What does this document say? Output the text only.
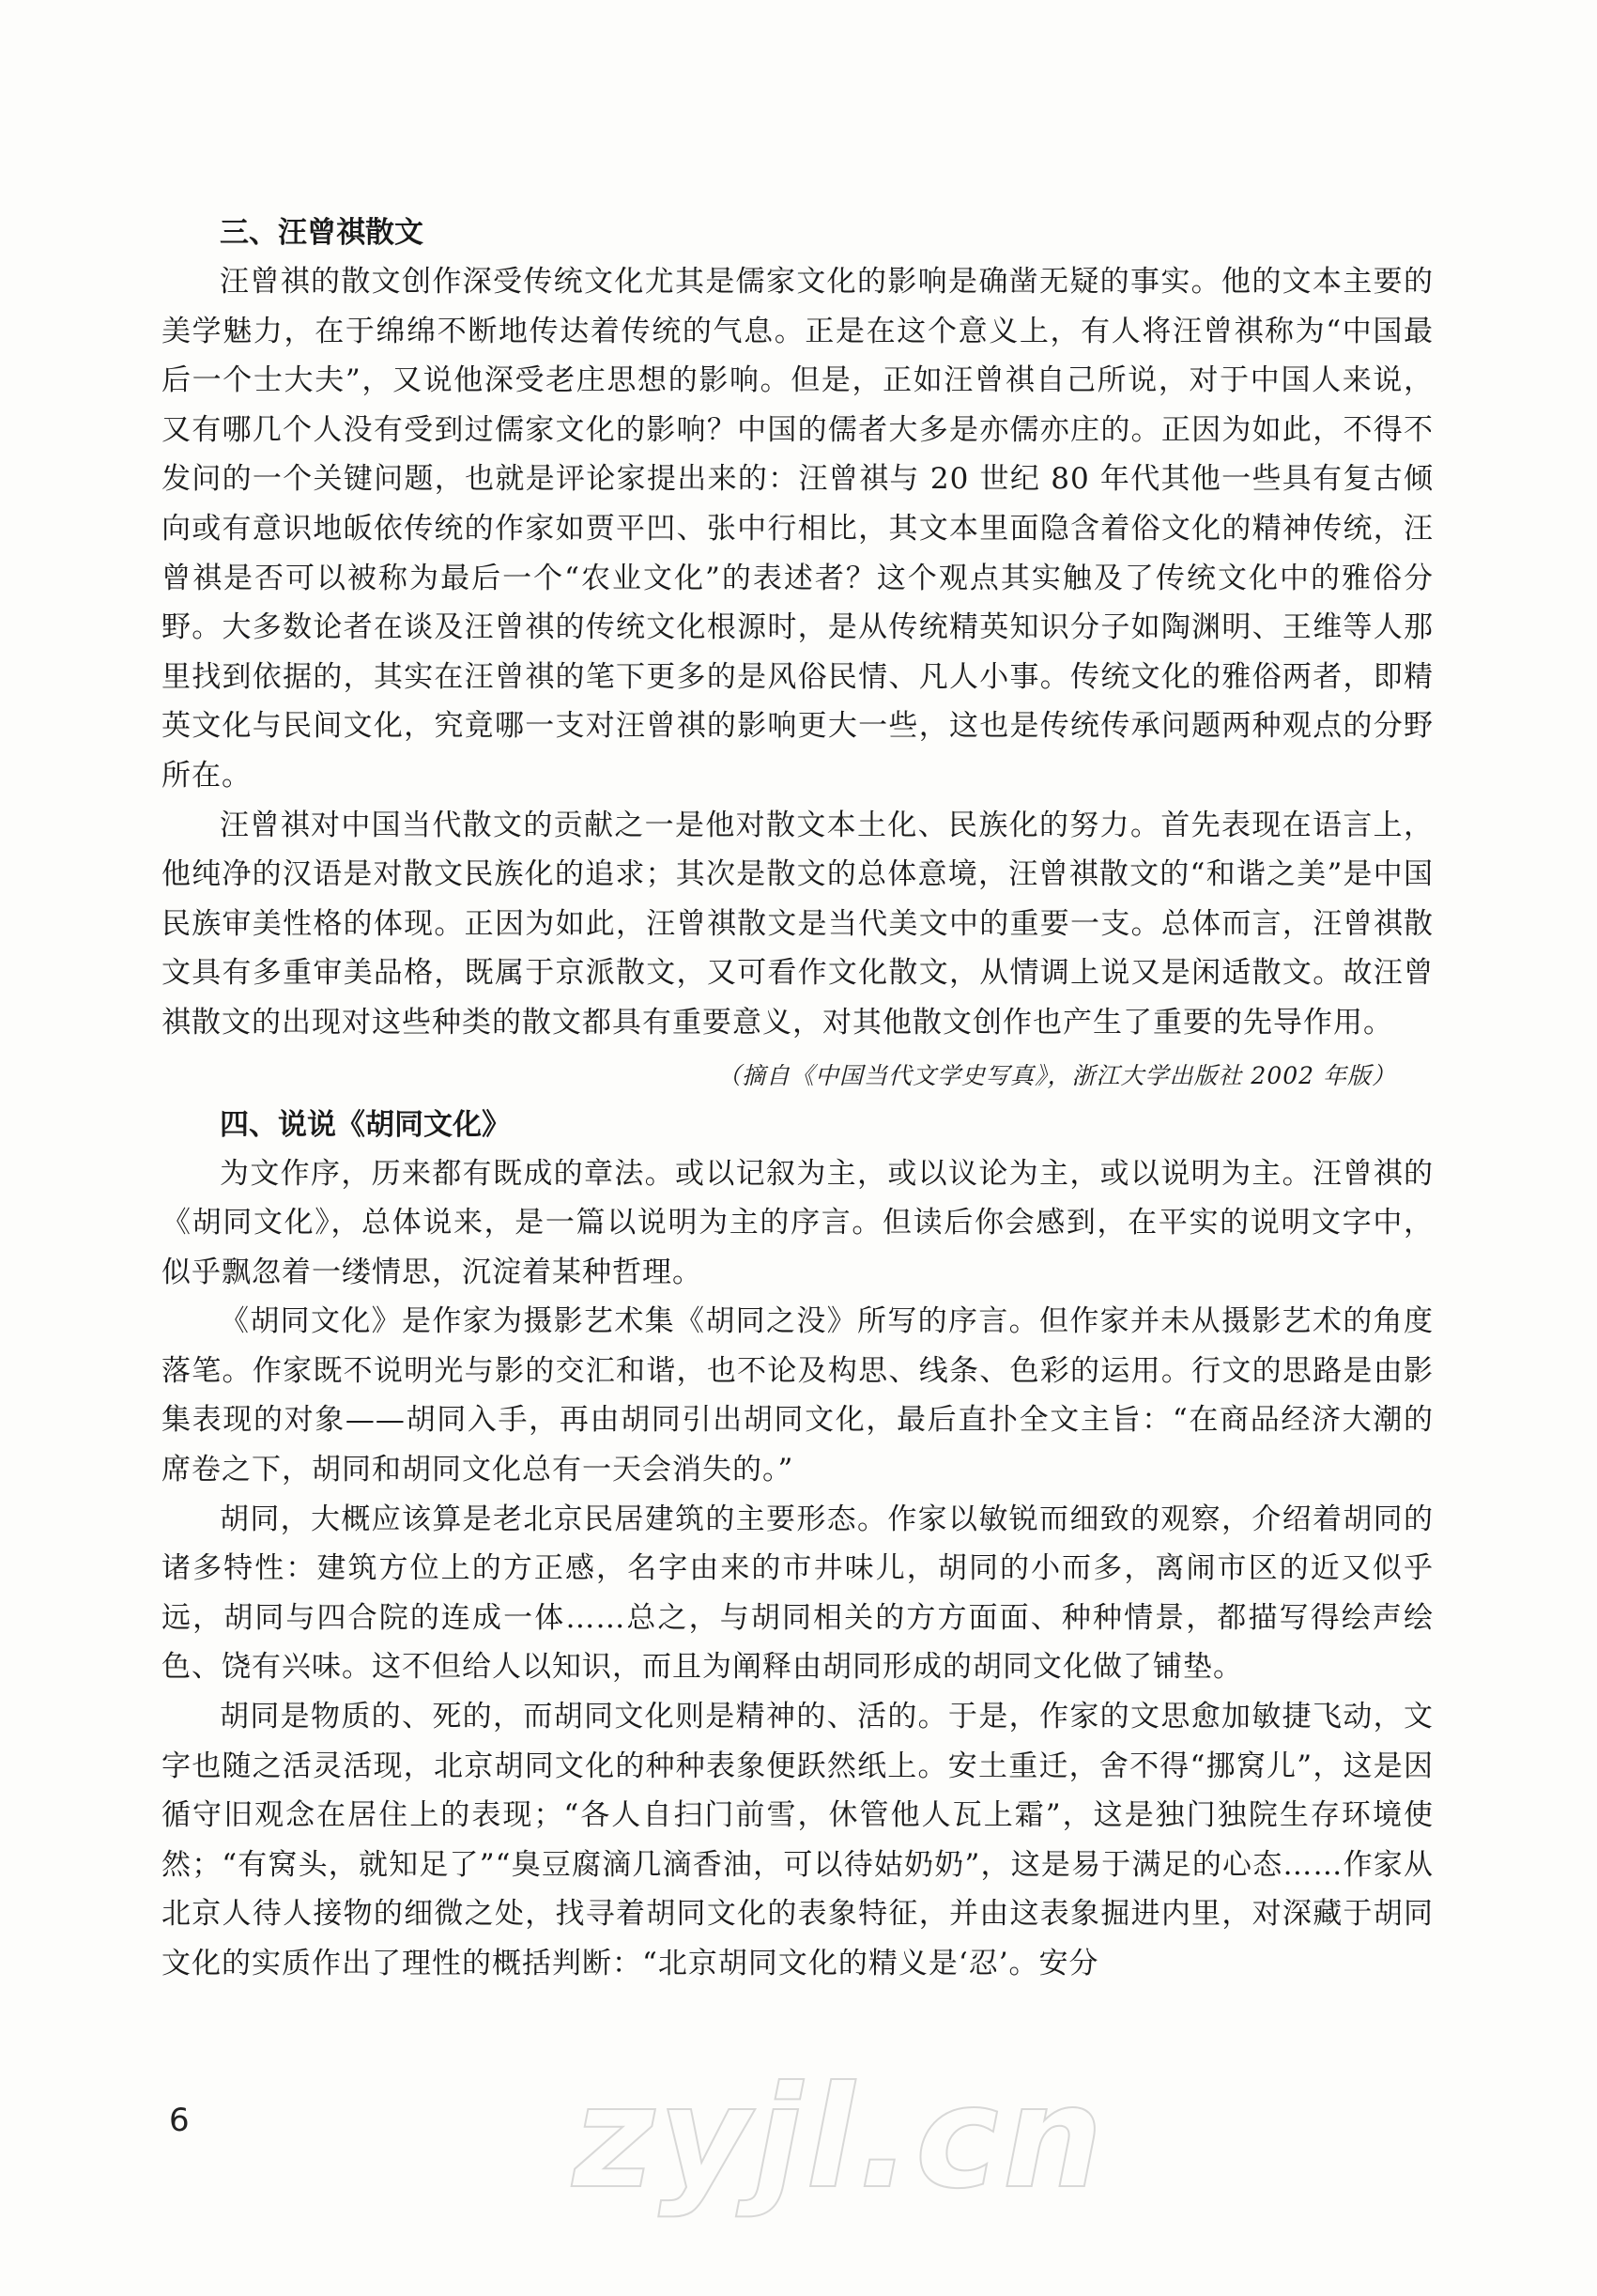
三、汪曾祺散文

汪曾祺的散文创作深受传统文化尤其是儒家文化的影响是确凿无疑的事实。他的文本主要的美学魅力，在于绵绵不断地传达着传统的气息。正是在这个意义上，有人将汪曾祺称为“中国最后一个士大夫”，又说他深受老庄思想的影响。但是，正如汪曾祺自己所说，对于中国人来说，又有哪几个人没有受到过儒家文化的影响？中国的儒者大多是亦儒亦庄的。正因为如此，不得不发问的一个关键问题，也就是评论家提出来的：汪曾祺与 20 世纪 80 年代其他一些具有复古倾向或有意识地皈依传统的作家如贾平凹、张中行相比，其文本里面隐含着俗文化的精神传统，汪曾祺是否可以被称为最后一个“农业文化”的表述者？这个观点其实触及了传统文化中的雅俗分野。大多数论者在谈及汪曾祺的传统文化根源时，是从传统精英知识分子如陶渊明、王维等人那里找到依据的，其实在汪曾祺的笔下更多的是风俗民情、凡人小事。传统文化的雅俗两者，即精英文化与民间文化，究竟哪一支对汪曾祺的影响更大一些，这也是传统传承问题两种观点的分野所在。

汪曾祺对中国当代散文的贡献之一是他对散文本土化、民族化的努力。首先表现在语言上，他纯净的汉语是对散文民族化的追求；其次是散文的总体意境，汪曾祺散文的“和谐之美”是中国民族审美性格的体现。正因为如此，汪曾祺散文是当代美文中的重要一支。总体而言，汪曾祺散文具有多重审美品格，既属于京派散文，又可看作文化散文，从情调上说又是闲适散文。故汪曾祺散文的出现对这些种类的散文都具有重要意义，对其他散文创作也产生了重要的先导作用。

（摘自《中国当代文学史写真》，浙江大学出版社 2002 年版）

四、说说《胡同文化》

为文作序，历来都有既成的章法。或以记叙为主，或以议论为主，或以说明为主。汪曾祺的《胡同文化》，总体说来，是一篇以说明为主的序言。但读后你会感到，在平实的说明文字中，似乎飘忽着一缕情思，沉淀着某种哲理。

《胡同文化》是作家为摄影艺术集《胡同之没》所写的序言。但作家并未从摄影艺术的角度落笔。作家既不说明光与影的交汇和谐，也不论及构思、线条、色彩的运用。行文的思路是由影集表现的对象——胡同入手，再由胡同引出胡同文化，最后直扑全文主旨：“在商品经济大潮的席卷之下，胡同和胡同文化总有一天会消失的。”

胡同，大概应该算是老北京民居建筑的主要形态。作家以敏锐而细致的观察，介绍着胡同的诸多特性：建筑方位上的方正感，名字由来的市井味儿，胡同的小而多，离闹市区的近又似乎远，胡同与四合院的连成一体……总之，与胡同相关的方方面面、种种情景，都描写得绘声绘色、饶有兴味。这不但给人以知识，而且为阐释由胡同形成的胡同文化做了铺垫。

胡同是物质的、死的，而胡同文化则是精神的、活的。于是，作家的文思愈加敏捷飞动，文字也随之活灵活现，北京胡同文化的种种表象便跃然纸上。安土重迁，舍不得“挪窝儿”，这是因循守旧观念在居住上的表现；“各人自扫门前雪，休管他人瓦上霜”，这是独门独院生存环境使然；“有窝头，就知足了”“臭豆腐滴几滴香油，可以待姑奶奶”，这是易于满足的心态……作家从北京人待人接物的细微之处，找寻着胡同文化的表象特征，并由这表象掘进内里，对深藏于胡同文化的实质作出了理性的概括判断：“北京胡同文化的精义是‘忍’。安分

zyjl.cn
6
